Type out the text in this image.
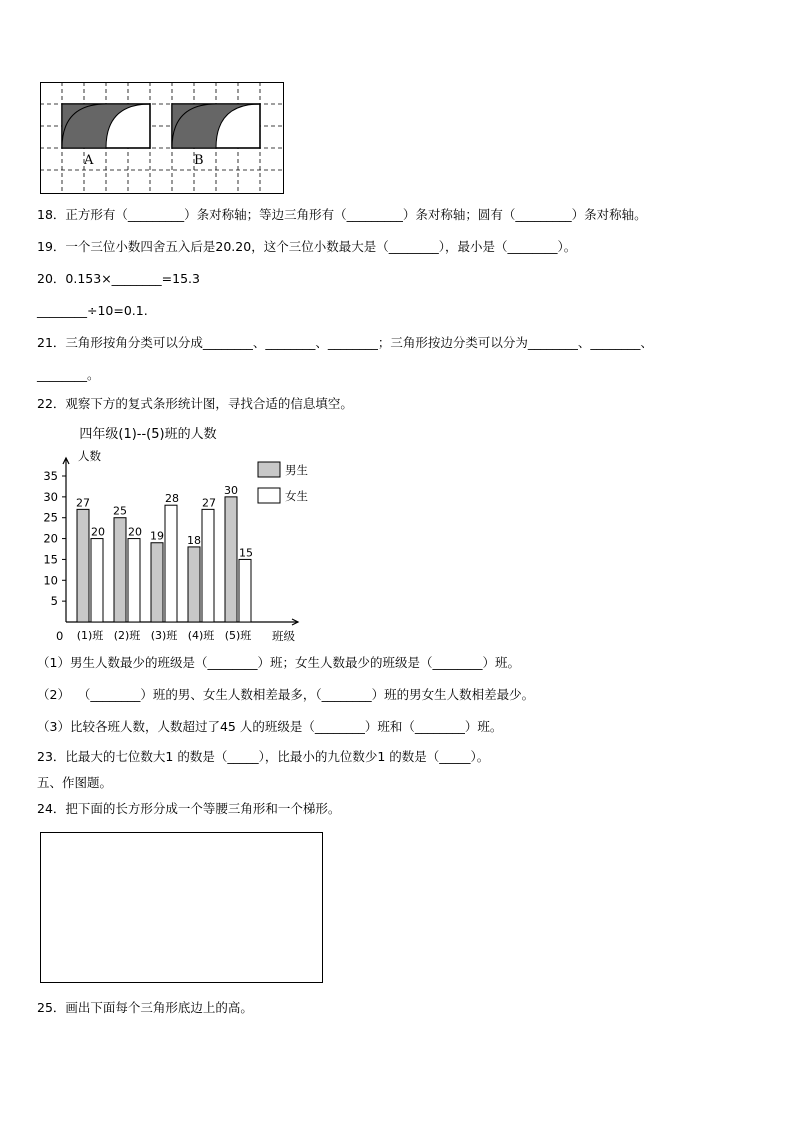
A	B
18．正方形有（_________）条对称轴；等边三角形有（_________）条对称轴；圆有（_________）条对称轴。
19．一个三位小数四舍五入后是20.20，这个三位小数最大是（________），最小是（________）。
20．0.153×________=15.3
________÷10=0.1.
21．三角形按角分类可以分成________、________、________；三角形按边分类可以分为________、________、
________。
22．观察下方的复式条形统计图，寻找合适的信息填空。
四年级(1)--(5)班的人数
人数
班级
0
5
10
15
20
25
30
35
27
20
(1)班
25
20
(2)班
19
28
(3)班
18
27
(4)班
30
15
(5)班
男生
女生
（1）男生人数最少的班级是（________）班；女生人数最少的班级是（________）班。
（2）  （________）班的男、女生人数相差最多，（________）班的男女生人数相差最少。
（3）比较各班人数，人数超过了45 人的班级是（________）班和（________）班。
23．比最大的七位数大1 的数是（_____），比最小的九位数少1 的数是（_____）。
五、作图题。
24．把下面的长方形分成一个等腰三角形和一个梯形。
25．画出下面每个三角形底边上的高。
